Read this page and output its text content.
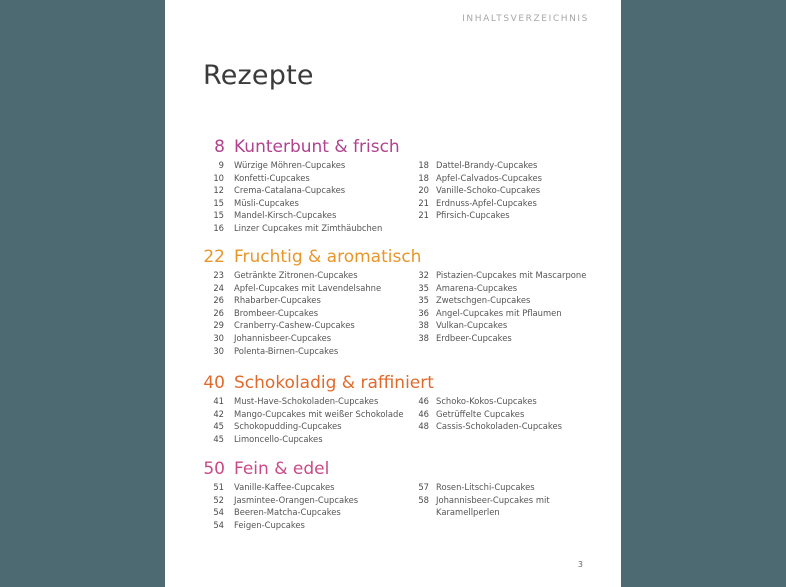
INHALTSVERZEICHNIS
Rezepte
8 Kunterbunt & frisch
9 Würzige Möhren-Cupcakes
10 Konfetti-Cupcakes
12 Crema-Catalana-Cupcakes
15 Müsli-Cupcakes
15 Mandel-Kirsch-Cupcakes
16 Linzer Cupcakes mit Zimthäubchen
18 Dattel-Brandy-Cupcakes
18 Apfel-Calvados-Cupcakes
20 Vanille-Schoko-Cupcakes
21 Erdnuss-Apfel-Cupcakes
21 Pfirsich-Cupcakes
22 Fruchtig & aromatisch
23 Getränkte Zitronen-Cupcakes
24 Apfel-Cupcakes mit Lavendelsahne
26 Rhabarber-Cupcakes
26 Brombeer-Cupcakes
29 Cranberry-Cashew-Cupcakes
30 Johannisbeer-Cupcakes
30 Polenta-Birnen-Cupcakes
32 Pistazien-Cupcakes mit Mascarpone
35 Amarena-Cupcakes
35 Zwetschgen-Cupcakes
36 Angel-Cupcakes mit Pflaumen
38 Vulkan-Cupcakes
38 Erdbeer-Cupcakes
40 Schokoladig & raffiniert
41 Must-Have-Schokoladen-Cupcakes
42 Mango-Cupcakes mit weißer Schokolade
45 Schokopudding-Cupcakes
45 Limoncello-Cupcakes
46 Schoko-Kokos-Cupcakes
46 Getrüffelte Cupcakes
48 Cassis-Schokoladen-Cupcakes
50 Fein & edel
51 Vanille-Kaffee-Cupcakes
52 Jasmintee-Orangen-Cupcakes
54 Beeren-Matcha-Cupcakes
54 Feigen-Cupcakes
57 Rosen-Litschi-Cupcakes
58 Johannisbeer-Cupcakes mit
Karamellperlen
3
